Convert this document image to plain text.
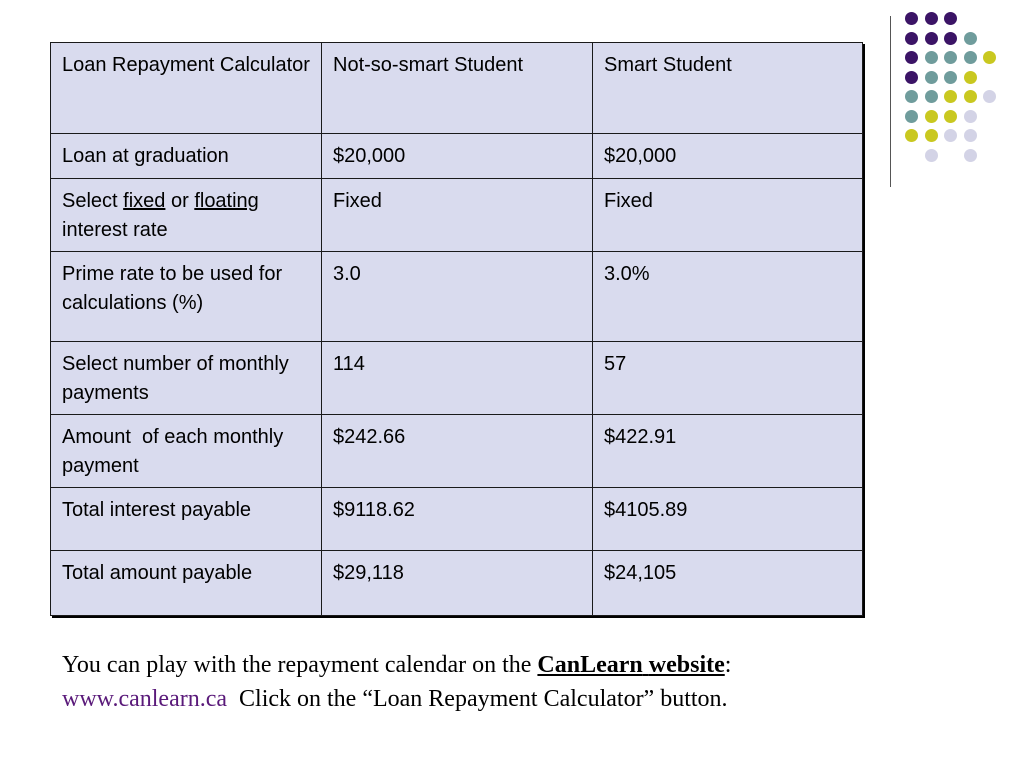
Loan Repayment Calculator	Not-so-smart Student	Smart Student
Loan at graduation	$20,000	$20,000
Select fixed or floating interest rate	Fixed	Fixed
Prime rate to be used for calculations (%)	3.0	3.0%
Select number of monthly payments	114	57
Amount  of each monthly payment	$242.66	$422.91
Total interest payable	$9118.62	$4105.89
Total amount payable	$29,118	$24,105
You can play with the repayment calendar on the CanLearn website: www.canlearn.ca  Click on the “Loan Repayment Calculator” button.
